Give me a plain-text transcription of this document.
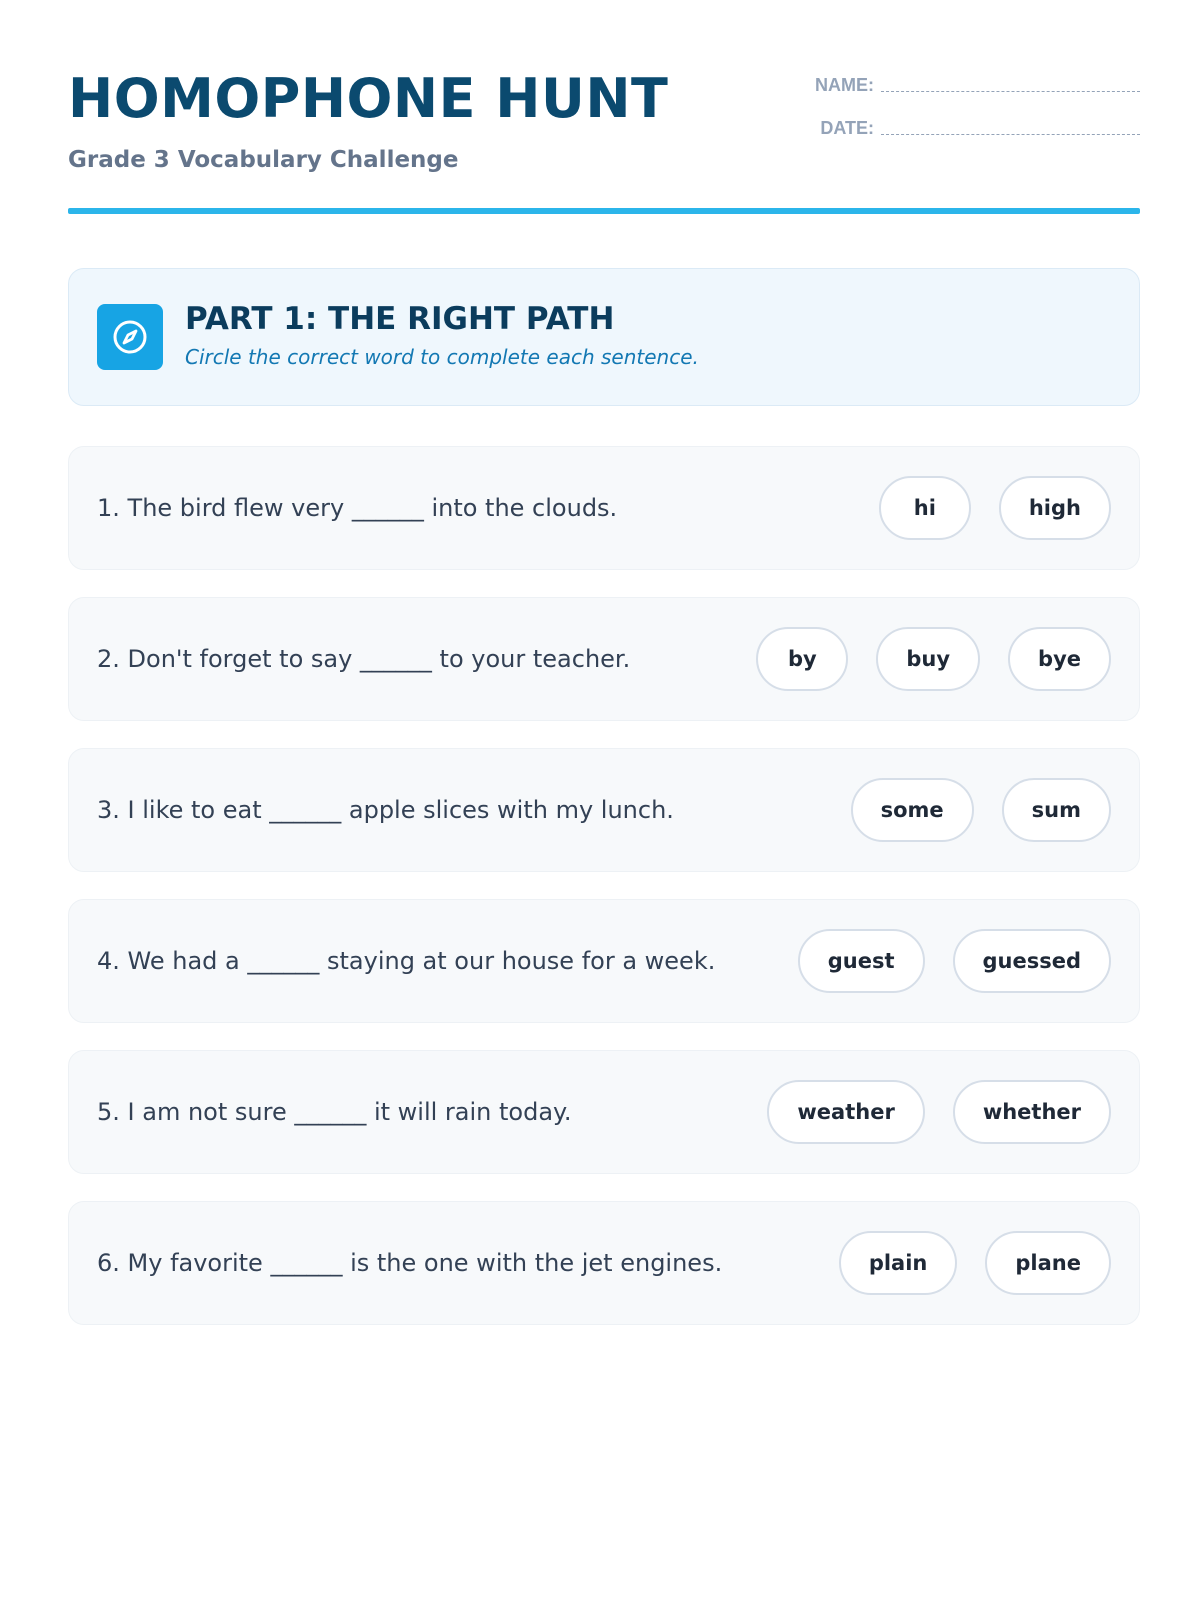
HOMOPHONE HUNT
Grade 3 Vocabulary Challenge
NAME:
DATE:
PART 1: THE RIGHT PATH
Circle the correct word to complete each sentence.
1. The bird flew very ______ into the clouds.	hi	high
2. Don't forget to say ______ to your teacher.	by	buy	bye
3. I like to eat ______ apple slices with my lunch.	some	sum
4. We had a ______ staying at our house for a week.	guest	guessed
5. I am not sure ______ it will rain today.	weather	whether
6. My favorite ______ is the one with the jet engines.	plain	plane
